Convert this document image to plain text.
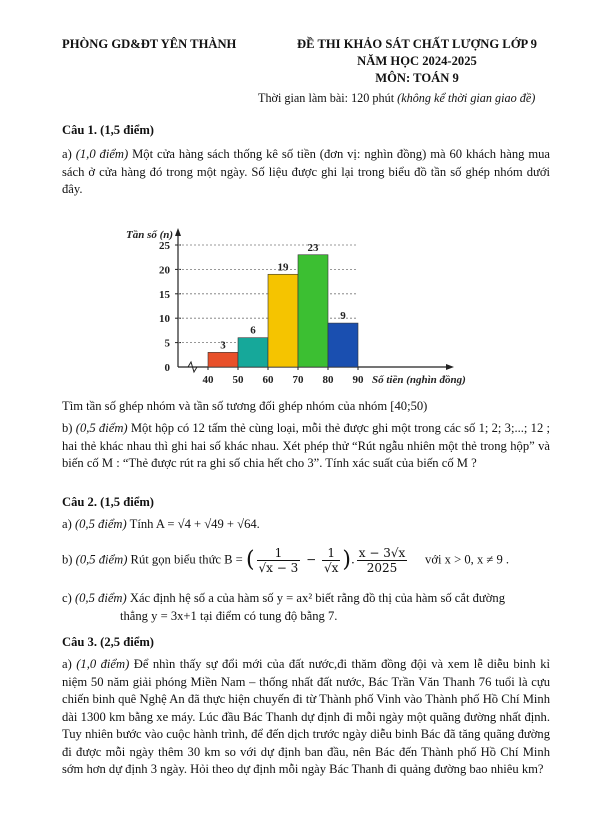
PHÒNG GD&ĐT YÊN THÀNH	ĐỀ THI KHẢO SÁT CHẤT LƯỢNG LỚP 9
NĂM HỌC 2024-2025
MÔN: TOÁN 9
Thời gian làm bài: 120 phút (không kể thời gian giao đề)
Câu 1. (1,5 điểm)
a) (1,0 điểm) Một cửa hàng sách thống kê số tiền (đơn vị: nghìn đồng) mà 60 khách hàng mua sách ở cửa hàng đó trong một ngày. Số liệu được ghi lại trong biểu đồ tần số ghép nhóm dưới đây.
Tần số (n)
Số tiền (nghìn đồng)
0
5
10
15
20
25
40 50 60 70 80 90
3
6
19
23
9
Tìm tần số ghép nhóm và tần số tương đối ghép nhóm của nhóm [40;50)
b) (0,5 điểm) Một hộp có 12 tấm thẻ cùng loại, mỗi thẻ được ghi một trong các số 1; 2; 3;...; 12 ; hai thẻ khác nhau thì ghi hai số khác nhau. Xét phép thử “Rút ngẫu nhiên một thẻ trong hộp” và biến cố M : “Thẻ được rút ra ghi số chia hết cho 3”. Tính xác suất của biến cố M ?
Câu 2. (1,5 điểm)
a) (0,5 điểm) Tính A = √4 + √49 + √64.
b) (0,5 điểm) Rút gọn biểu thức B = ( $\frac{1}{√x - 3} - \frac{1}{√x}$ ). $\frac{x - 3√x}{2025}$ với x > 0, x ≠ 9 .
c) (0,5 điểm) Xác định hệ số a của hàm số y = ax² biết rằng đồ thị của hàm số cắt đường
thẳng y = 3x+1 tại điểm có tung độ bằng 7.
Câu 3. (2,5 điểm)
a) (1,0 điểm) Để nhìn thấy sự đổi mới của đất nước,đi thăm đồng đội và xem lễ diễu binh kỉ niệm 50 năm giải phóng Miền Nam – thống nhất đất nước, Bác Trần Văn Thanh 76 tuổi là cựu chiến binh quê Nghệ An đã thực hiện chuyến đi từ Thành phố Vinh vào Thành phố Hồ Chí Minh dài 1300 km bằng xe máy. Lúc đầu Bác Thanh dự định đi mỗi ngày một quãng đường nhất định. Tuy nhiên bước vào cuộc hành trình, để đến dịch trước ngày diễu binh Bác đã tăng quãng đường đi được mỗi ngày thêm 30 km so với dự định ban đầu, nên Bác đến Thành phố Hồ Chí Minh sớm hơn dự định 3 ngày. Hỏi theo dự định mỗi ngày Bác Thanh đi quảng đường bao nhiêu km?
